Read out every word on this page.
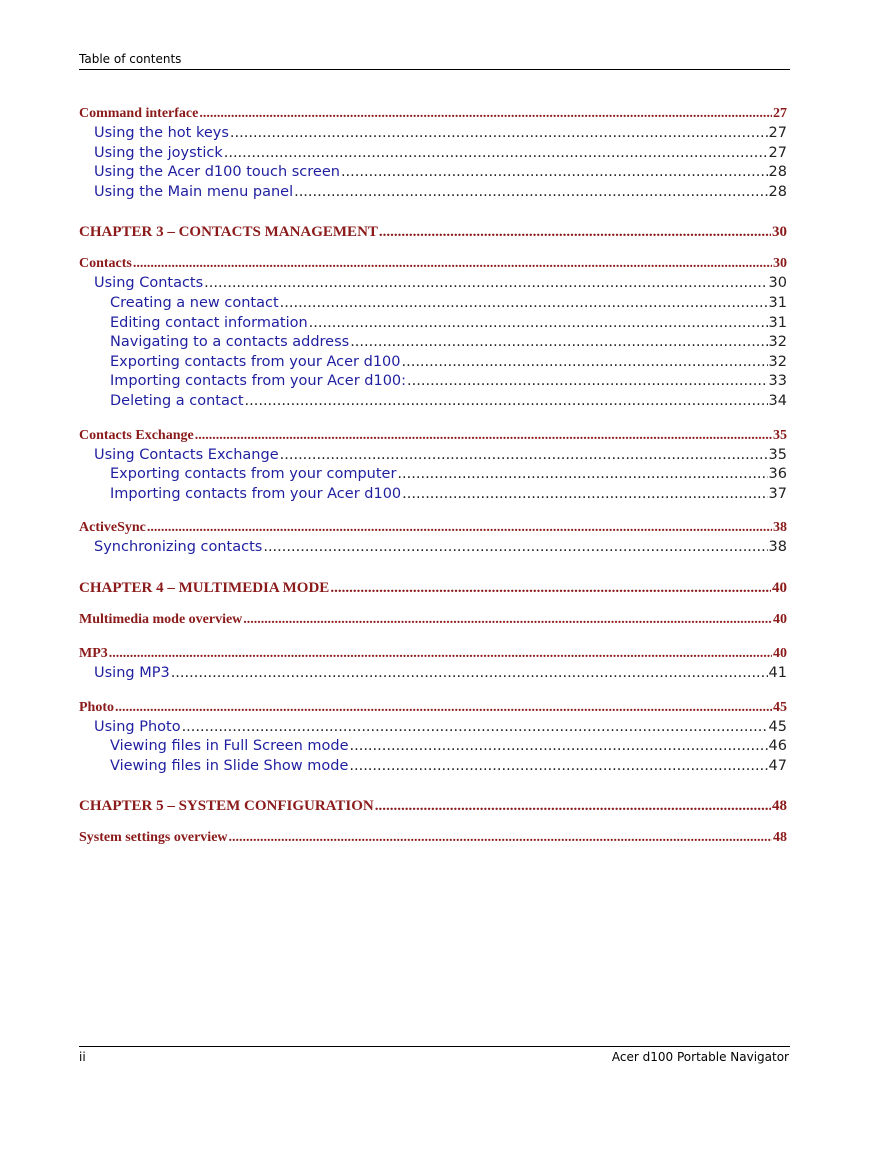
Table of contents
Command interface .....	27
Using the hot keys .....	27
Using the joystick .....	27
Using the Acer d100 touch screen .....	28
Using the Main menu panel .....	28
CHAPTER 3 – CONTACTS MANAGEMENT .....	30
Contacts .....	30
Using Contacts .....	30
Creating a new contact .....	31
Editing contact information .....	31
Navigating to a contacts address .....	32
Exporting contacts from your Acer d100 .....	32
Importing contacts from your Acer d100: .....	33
Deleting a contact .....	34
Contacts Exchange .....	35
Using Contacts Exchange .....	35
Exporting contacts from your computer .....	36
Importing contacts from your Acer d100 .....	37
ActiveSync .....	38
Synchronizing contacts .....	38
CHAPTER 4 – MULTIMEDIA MODE .....	40
Multimedia mode overview .....	40
MP3 .....	40
Using MP3 .....	41
Photo .....	45
Using Photo .....	45
Viewing files in Full Screen mode .....	46
Viewing files in Slide Show mode .....	47
CHAPTER 5 – SYSTEM CONFIGURATION .....	48
System settings overview .....	48
ii	Acer d100 Portable Navigator
